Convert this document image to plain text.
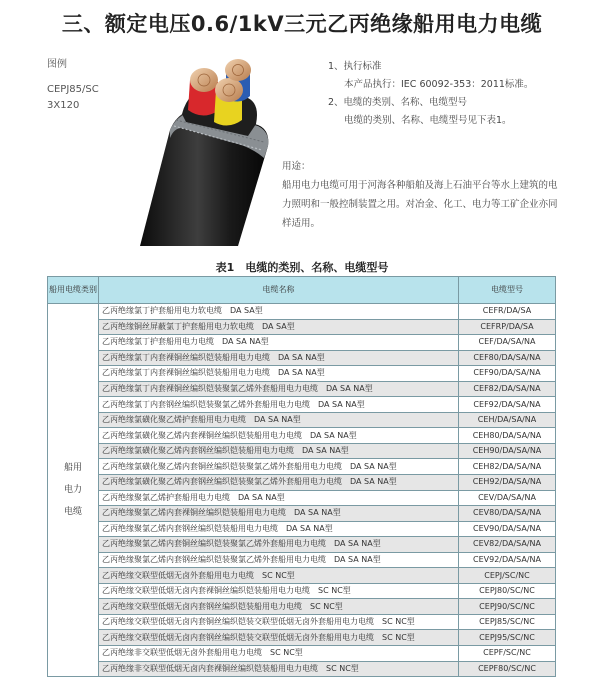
三、额定电压0.6/1kV三元乙丙绝缘船用电力电缆
图例
CEPJ85/SC
3X120
1、执行标准
本产品执行：IEC 60092-353：2011标准。
2、电缆的类别、名称、电缆型号
电缆的类别、名称、电缆型号见下表1。
用途：
船用电力电缆可用于河海各种船舶及海上石油平台等水上建筑的电力照明和一般控制装置之用。对冶金、化工、电力等工矿企业亦同样适用。
表1　电缆的类别、名称、电缆型号
船用电缆类别	电缆名称	电缆型号

船用
电力
电缆	乙丙绝缘氯丁护套船用电力软电缆　DA SA型	CEFR/DA/SA
	乙丙绝缘铜丝屏蔽氯丁护套船用电力软电缆　DA SA型	CEFRP/DA/SA
	乙丙绝缘氯丁护套船用电力电缆　DA SA NA型	CEF/DA/SA/NA
	乙丙绝缘氯丁内套裸铜丝编织铠装船用电力电缆　DA SA NA型	CEF80/DA/SA/NA
	乙丙绝缘氯丁内套裸铜丝编织铠装船用电力电缆　DA SA NA型	CEF90/DA/SA/NA
	乙丙绝缘氯丁内套裸铜丝编织铠装聚氯乙烯外套船用电力电缆　DA SA NA型	CEF82/DA/SA/NA
	乙丙绝缘氯丁内套钢丝编织铠装聚氯乙烯外套船用电力电缆　DA SA NA型	CEF92/DA/SA/NA
	乙丙绝缘氯磺化聚乙烯护套船用电力电缆　DA SA NA型	CEH/DA/SA/NA
	乙丙绝缘氯磺化聚乙烯内套裸铜丝编织铠装船用电力电缆　DA SA NA型	CEH80/DA/SA/NA
	乙丙绝缘氯磺化聚乙烯内套钢丝编织铠装船用电力电缆　DA SA NA型	CEH90/DA/SA/NA
	乙丙绝缘氯磺化聚乙烯内套铜丝编织铠装聚氯乙烯外套船用电力电缆　DA SA NA型	CEH82/DA/SA/NA
	乙丙绝缘氯磺化聚乙烯内套钢丝编织铠装聚氯乙烯外套船用电力电缆　DA SA NA型	CEH92/DA/SA/NA
	乙丙绝缘聚氯乙烯护套船用电力电缆　DA SA NA型	CEV/DA/SA/NA
	乙丙绝缘聚氯乙烯内套裸铜丝编织铠装船用电力电缆　DA SA NA型	CEV80/DA/SA/NA
	乙丙绝缘聚氯乙烯内套钢丝编织铠装船用电力电缆　DA SA NA型	CEV90/DA/SA/NA
	乙丙绝缘聚氯乙烯内套铜丝编织铠装聚氯乙烯外套船用电力电缆　DA SA NA型	CEV82/DA/SA/NA
	乙丙绝缘聚氯乙烯内套钢丝编织铠装聚氯乙烯外套船用电力电缆　DA SA NA型	CEV92/DA/SA/NA
	乙丙绝缘交联型低烟无卤外套船用电力电缆　SC NC型	CEPJ/SC/NC
	乙丙绝缘交联型低烟无卤内套裸铜丝编织铠装船用电力电缆　SC NC型	CEPJ80/SC/NC
	乙丙绝缘交联型低烟无卤内套钢丝编织铠装船用电力电缆　SC NC型	CEPJ90/SC/NC
	乙丙绝缘交联型低烟无卤内套铜丝编织铠装交联型低烟无卤外套船用电力电缆　SC NC型	CEPJ85/SC/NC
	乙丙绝缘交联型低烟无卤内套钢丝编织铠装交联型低烟无卤外套船用电力电缆　SC NC型	CEPJ95/SC/NC
	乙丙绝缘非交联型低烟无卤外套船用电力电缆　SC NC型	CEPF/SC/NC
	乙丙绝缘非交联型低烟无卤内套裸铜丝编织铠装船用电力电缆　SC NC型	CEPF80/SC/NC
